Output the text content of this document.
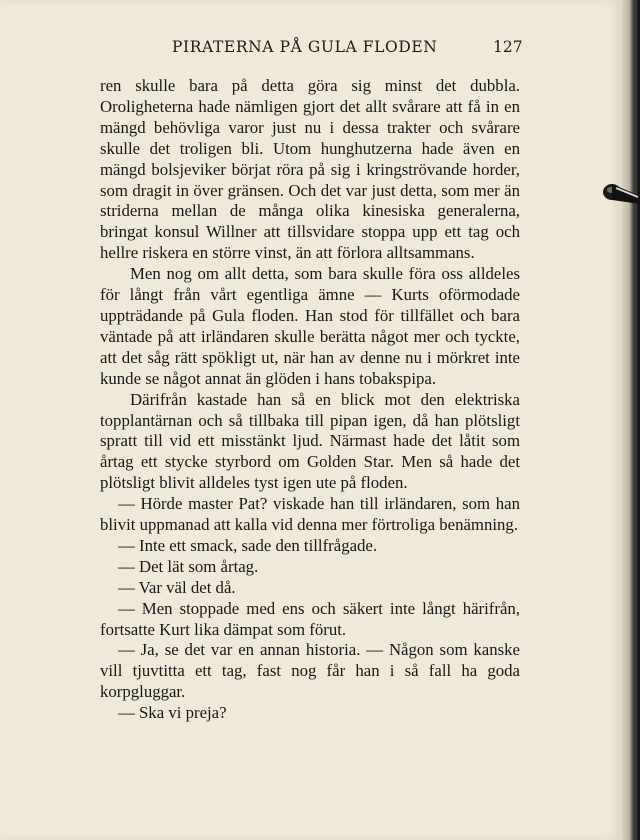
PIRATERNA PÅ GULA FLODEN	127

ren skulle bara på detta göra sig minst det dubbla. Oroligheterna hade nämligen gjort det allt svårare att få in en mängd behövliga varor just nu i dessa trakter och svårare skulle det troligen bli. Utom hunghutzerna hade även en mängd bolsjeviker börjat röra på sig i kringströvande horder, som dragit in över gränsen. Och det var just detta, som mer än striderna mellan de många olika kinesiska generalerna, bringat konsul Willner att tillsvidare stoppa upp ett tag och hellre riskera en större vinst, än att förlora alltsammans.

Men nog om allt detta, som bara skulle föra oss alldeles för långt från vårt egentliga ämne — Kurts oförmodade uppträdande på Gula floden. Han stod för tillfället och bara väntade på att irländaren skulle berätta något mer och tyckte, att det såg rätt spökligt ut, när han av denne nu i mörkret inte kunde se något annat än glöden i hans tobakspipa.

Därifrån kastade han så en blick mot den elektriska topplantärnan och så tillbaka till pipan igen, då han plötsligt spratt till vid ett misstänkt ljud. Närmast hade det låtit som årtag ett stycke styrbord om Golden Star. Men så hade det plötsligt blivit alldeles tyst igen ute på floden.

— Hörde master Pat? viskade han till irländaren, som han blivit uppmanad att kalla vid denna mer förtroliga benämning.

— Inte ett smack, sade den tillfrågade.

— Det lät som årtag.

— Var väl det då.

— Men stoppade med ens och säkert inte långt härifrån, fortsatte Kurt lika dämpat som förut.

— Ja, se det var en annan historia. — Någon som kanske vill tjuvtitta ett tag, fast nog får han i så fall ha goda korpgluggar.

— Ska vi preja?
